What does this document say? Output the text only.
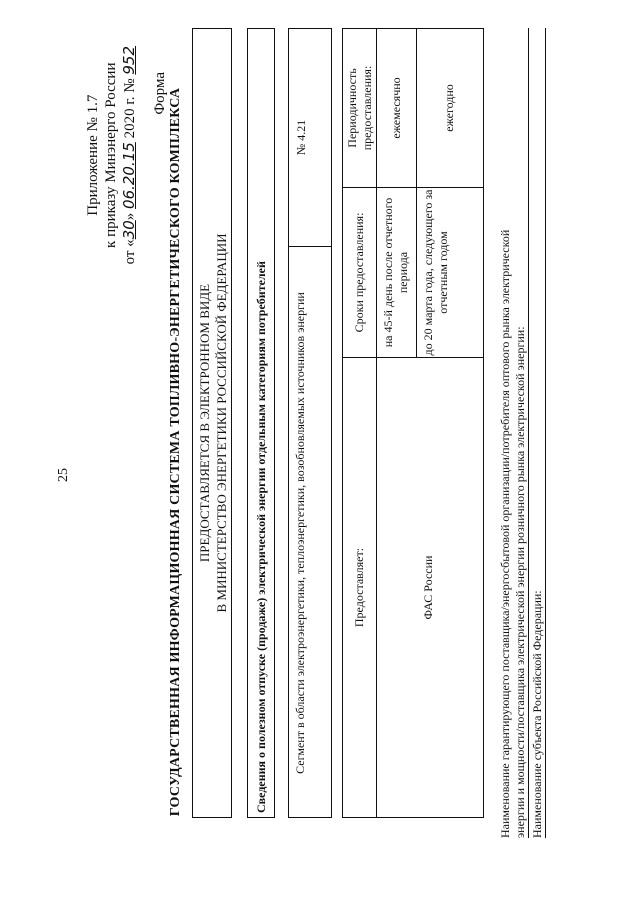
25
Приложение № 1.7 к приказу Минэнерго России
от «30» 06.20.15 2020 г. № 952
Форма ГОСУДАРСТВЕННАЯ ИНФОРМАЦИОННАЯ СИСТЕМА ТОПЛИВНО-ЭНЕРГЕТИЧЕСКОГО КОМПЛЕКСА ПРЕДОСТАВЛЯЕТСЯ В ЭЛЕКТРОННОМ ВИДЕ В МИНИСТЕРСТВО ЭНЕРГЕТИКИ РОССИЙСКОЙ ФЕДЕРАЦИИ	Сведения о полезном отпуске (продаже) электрической энергии отдельным категориям потребителей	Сегмент в области электроэнергетики, теплоэнергетики, возобновляемых источников энергии
№ 4.21
Предоставляет:
Сроки предоставления:
Периодичность предоставления:
ФАС России
на 45-й день после отчетного периода
ежемесячно
до 20 марта года, следующего за отчетным годом
ежегодно
Наименование гарантирующего поставщика/энергосбытовой организации/потребителя оптового рынка электрической энергии и мощности/поставщика электрической энергии розничного рынка электрической энергии: Наименование субъекта Российской Федерации:
